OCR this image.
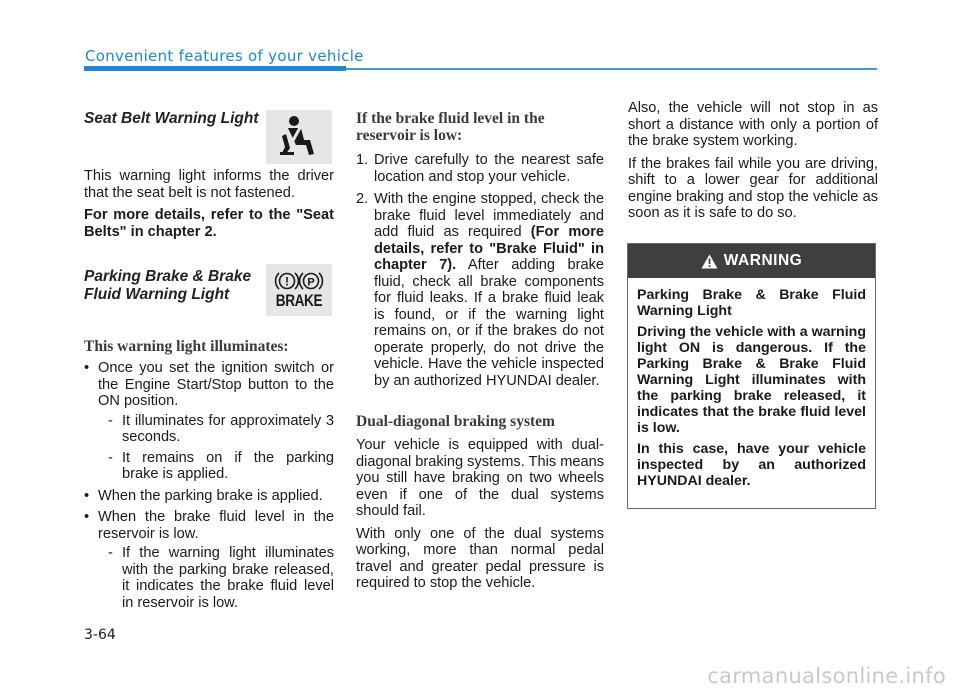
Convenient features of your vehicle
Seat Belt Warning Light

This warning light informs the driver that the seat belt is not fastened.

For more details, refer to the "Seat Belts" in chapter 2.

Parking Brake & Brake
Fluid Warning Light
This warning light illuminates:
• Once you set the ignition switch or the Engine Start/Stop button to the ON position.
- It illuminates for approximately 3 seconds.
- It remains on if the parking brake is applied.
• When the parking brake is applied.
• When the brake fluid level in the reservoir is low.
- If the warning light illuminates with the parking brake released, it indicates the brake fluid level in reservoir is low.
! P
BRAKE
If the brake fluid level in the reservoir is low:
1. Drive carefully to the nearest safe location and stop your vehicle.
2. With the engine stopped, check the brake fluid level immediately and add fluid as required (For more details, refer to "Brake Fluid" in chapter 7). After adding brake fluid, check all brake components for fluid leaks. If a brake fluid leak is found, or if the warning light remains on, or if the brakes do not operate properly, do not drive the vehicle. Have the vehicle inspected by an authorized HYUNDAI dealer.
Dual-diagonal braking system

Your vehicle is equipped with dual-diagonal braking systems. This means you still have braking on two wheels even if one of the dual systems should fail.

With only one of the dual systems working, more than normal pedal travel and greater pedal pressure is required to stop the vehicle.

Also, the vehicle will not stop in as short a distance with only a portion of the brake system working.

If the brakes fail while you are driving, shift to a lower gear for additional engine braking and stop the vehicle as soon as it is safe to do so.

WARNING

Parking Brake & Brake Fluid Warning Light

Driving the vehicle with a warning light ON is dangerous. If the Parking Brake & Brake Fluid Warning Light illuminates with the parking brake released, it indicates that the brake fluid level is low.

In this case, have your vehicle inspected by an authorized HYUNDAI dealer.

3-64
carmanualsonline.info
